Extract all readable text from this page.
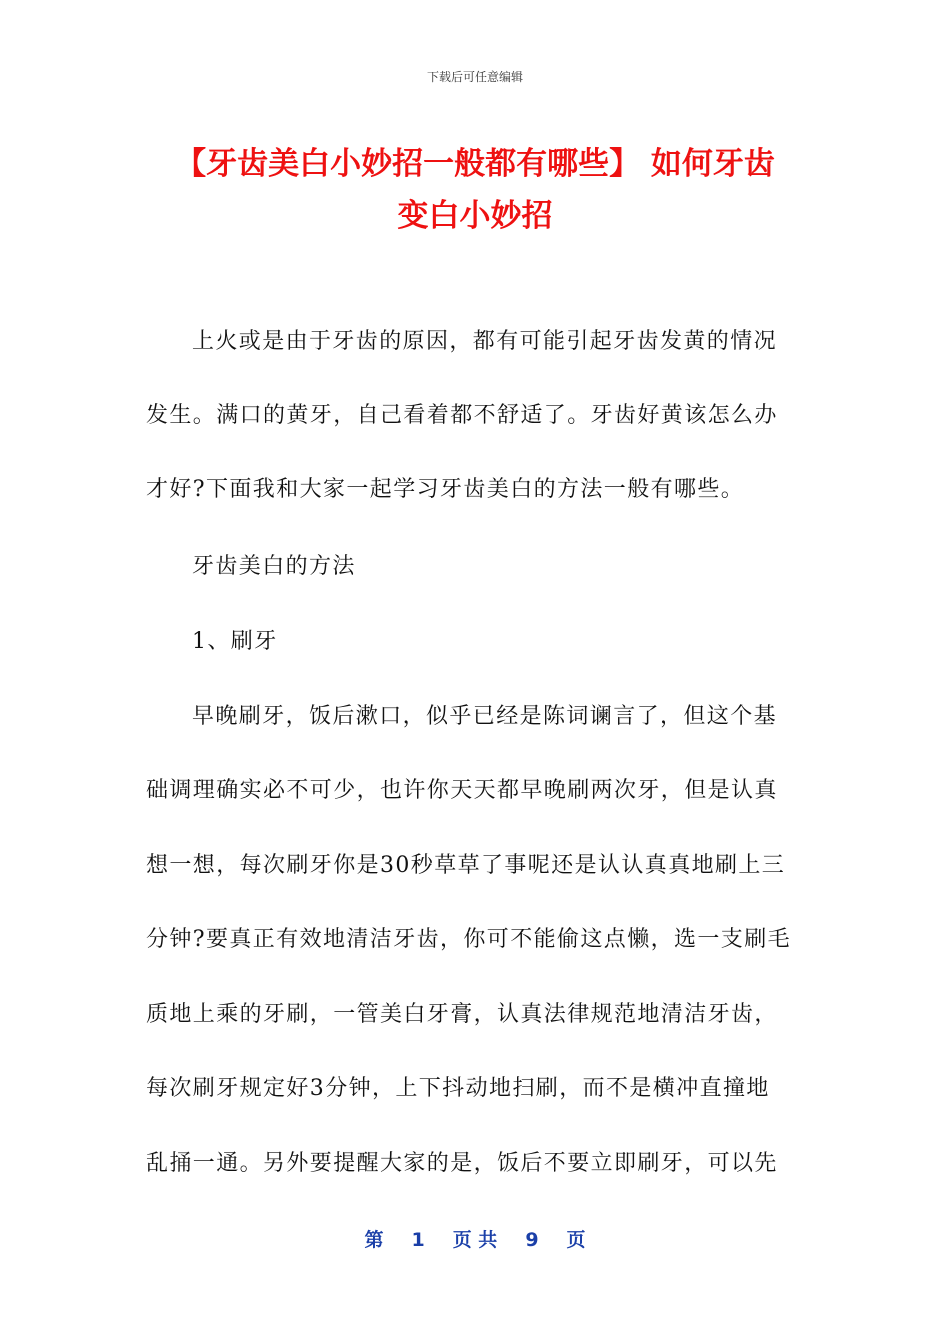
下载后可任意编辑
【牙齿美白小妙招一般都有哪些】 如何牙齿
变白小妙招
上火或是由于牙齿的原因，都有可能引起牙齿发黄的情况
发生。满口的黄牙，自己看着都不舒适了。牙齿好黄该怎么办
才好?下面我和大家一起学习牙齿美白的方法一般有哪些。
牙齿美白的方法
1、刷牙
早晚刷牙，饭后漱口，似乎已经是陈词谰言了，但这个基
础调理确实必不可少，也许你天天都早晚刷两次牙，但是认真
想一想，每次刷牙你是30秒草草了事呢还是认认真真地刷上三
分钟?要真正有效地清洁牙齿，你可不能偷这点懒，选一支刷毛
质地上乘的牙刷，一管美白牙膏，认真法律规范地清洁牙齿，
每次刷牙规定好3分钟，上下抖动地扫刷，而不是横冲直撞地
乱捅一通。另外要提醒大家的是，饭后不要立即刷牙，可以先
第 1 页 共 9 页
